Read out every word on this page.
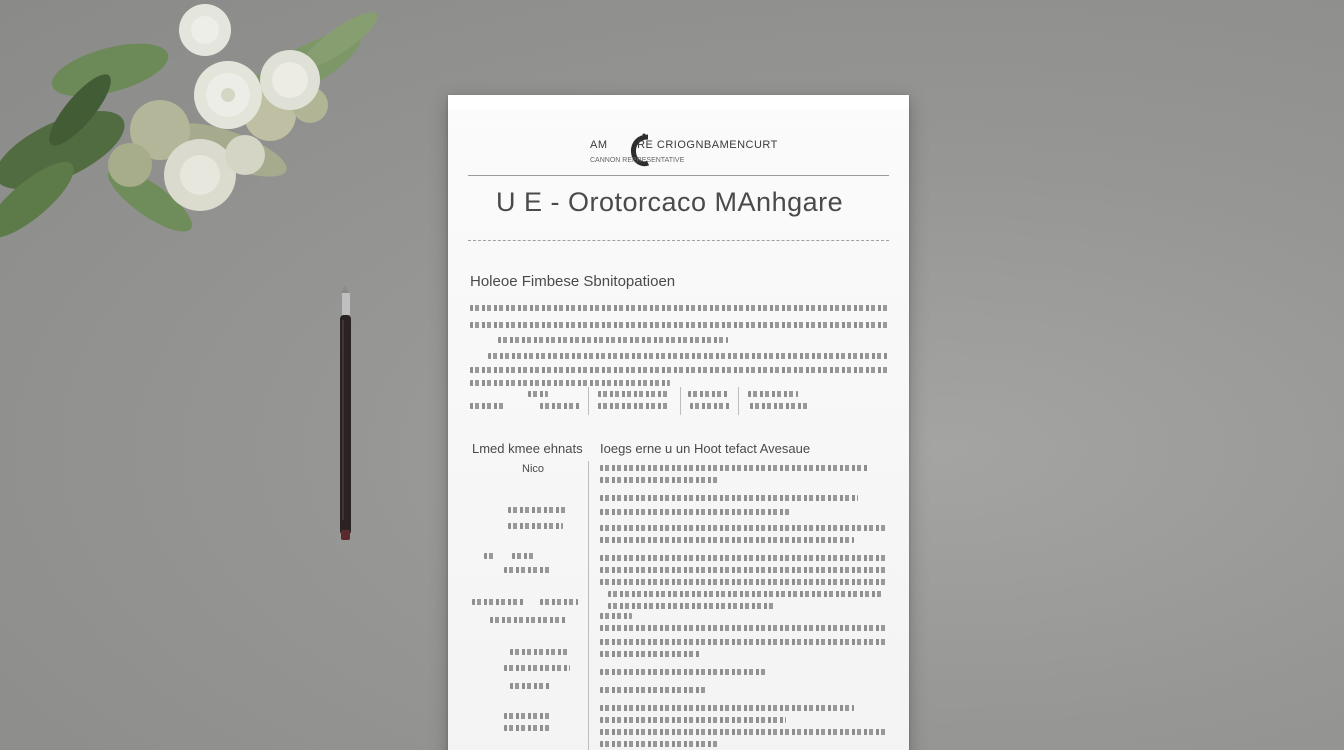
AM	RE CRIOGNBAMENCURT
CANNON REPRESENTATIVE
U E - Orotorcaco MAnhgare
Holeoe Fimbese Sbnitopatioen
Lmed kmee ehnats
Nico
Ioegs erne u un Hoot tefact Avesaue
